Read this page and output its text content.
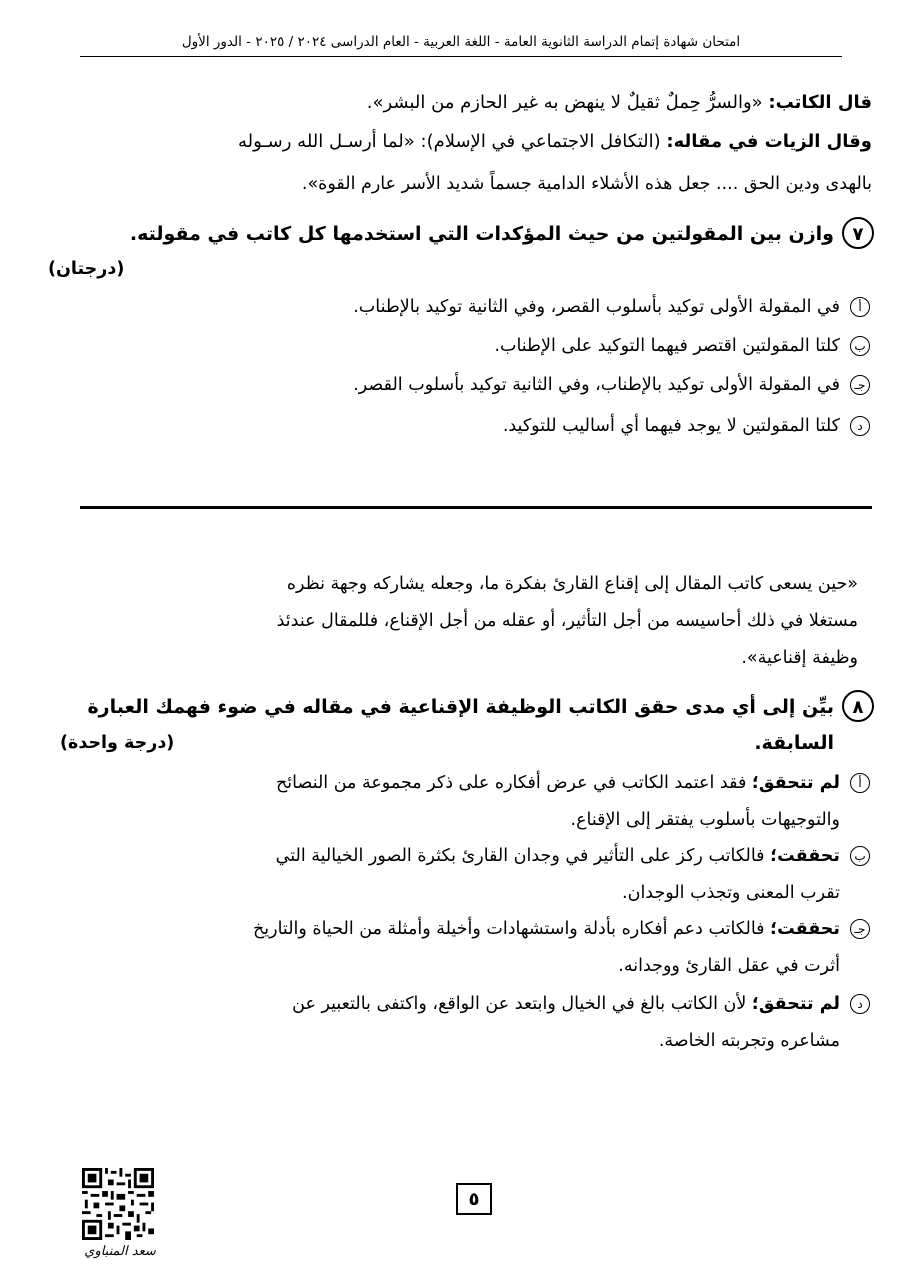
امتحان شهادة إتمام الدراسة الثانوية العامة - اللغة العربية - العام الدراسى ٢٠٢٤ / ٢٠٢٥ - الدور الأول
قال الكاتب: «والسرُّ حِملٌ ثقيلٌ لا ينهض به غير الحازم من البشر».
وقال الزيات في مقاله: (التكافل الاجتماعي في الإسلام): «لما أرسـل الله رسـوله
بالهدى ودين الحق .... جعل هذه الأشلاء الدامية جسماً شديد الأسر عارم القوة».
٧
وازن بين المقولتين من حيث المؤكدات التي استخدمها كل كاتب في مقولته.
(درجتان)
أ
في المقولة الأولى توكيد بأسلوب القصر، وفي الثانية توكيد بالإطناب.
ب
كلتا المقولتين اقتصر فيهما التوكيد على الإطناب.
جـ
في المقولة الأولى توكيد بالإطناب، وفي الثانية توكيد بأسلوب القصر.
د
كلتا المقولتين لا يوجد فيهما أي أساليب للتوكيد.
«حين يسعى كاتب المقال إلى إقناع القارئ بفكرة ما، وجعله يشاركه وجهة نظره
مستغلا في ذلك أحاسيسه من أجل التأثير، أو عقله من أجل الإقناع، فللمقال عندئذ
وظيفة إقناعية».
٨
بيِّن إلى أي مدى حقق الكاتب الوظيفة الإقناعية في مقاله في ضوء فهمك العبارة
السابقة.
(درجة واحدة)
أ
لم تتحقق؛ فقد اعتمد الكاتب في عرض أفكاره على ذكر مجموعة من النصائح
والتوجيهات بأسلوب يفتقر إلى الإقناع.
ب
تحققت؛ فالكاتب ركز على التأثير في وجدان القارئ بكثرة الصور الخيالية التي
تقرب المعنى وتجذب الوجدان.
جـ
تحققت؛ فالكاتب دعم أفكاره بأدلة واستشهادات وأخيلة وأمثلة من الحياة والتاريخ
أثرت في عقل القارئ ووجدانه.
د
لم تتحقق؛ لأن الكاتب بالغ في الخيال وابتعد عن الواقع، واكتفى بالتعبير عن
مشاعره وتجربته الخاصة.
سعد المنباوي
٥
